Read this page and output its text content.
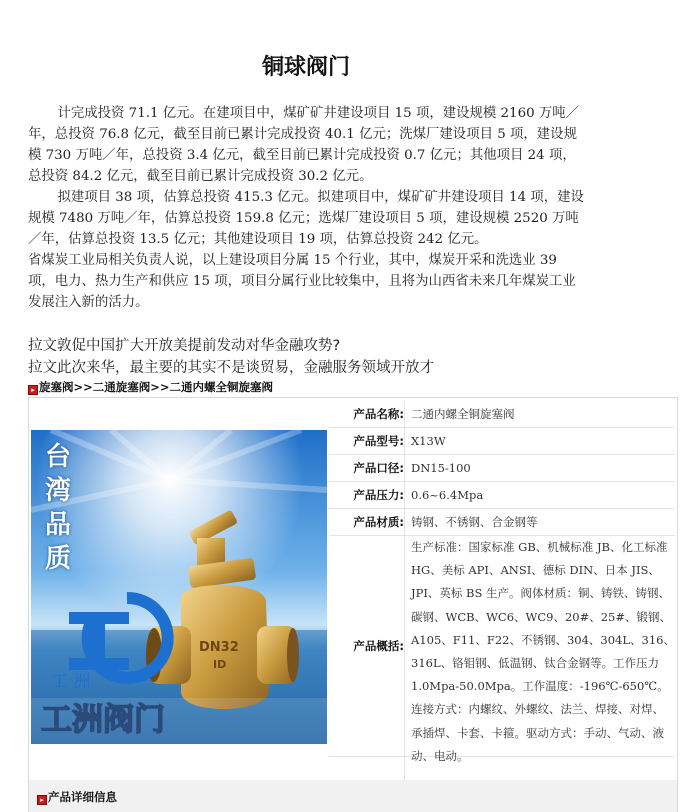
铜球阀门

计完成投资 71.1 亿元。在建项目中，煤矿矿井建设项目 15 项，建设规模 2160 万吨／年，总投资 76.8 亿元，截至目前已累计完成投资 40.1 亿元；洗煤厂建设项目 5 项，建设规模 730 万吨／年，总投资 3.4 亿元，截至目前已累计完成投资 0.7 亿元；其他项目 24 项，总投资 84.2 亿元，截至目前已累计完成投资 30.2 亿元。

拟建项目 38 项，估算总投资 415.3 亿元。拟建项目中，煤矿矿井建设项目 14 项，建设规模 7480 万吨／年，估算总投资 159.8 亿元；选煤厂建设项目 5 项，建设规模 2520 万吨／年，估算总投资 13.5 亿元；其他建设项目 19 项，估算总投资 242 亿元。

省煤炭工业局相关负责人说，以上建设项目分属 15 个行业，其中，煤炭开采和洗选业 39 项，电力、热力生产和供应 15 项，项目分属行业比较集中，且将为山西省未来几年煤炭工业发展注入新的活力。

拉文敦促中国扩大开放美提前发动对华金融攻势?
拉文此次来华，最主要的其实不是谈贸易，金融服务领域开放才
▸ 旋塞阀>>二通旋塞阀>>二通内螺全铜旋塞阀
DN32
ID
工 洲
工洲阀门
台
湾
品
质
产品名称: 二通内螺全铜旋塞阀
产品型号: X13W
产品口径: DN15-100
产品压力: 0.6~6.4Mpa
产品材质: 铸钢、不锈钢、合金钢等
产品概括:
生产标准：国家标准 GB、机械标准 JB、化工标准 HG、美标 API、ANSI、德标 DIN、日本 JIS、JPI、英标 BS 生产。阀体材质：铜、铸铁、铸钢、碳钢、WCB、WC6、WC9、20#、25#、锻钢、A105、F11、F22、不锈钢、304、304L、316、316L、铬钼钢、低温钢、钛合金钢等。工作压力 1.0Mpa-50.0Mpa。工作温度：-196℃-650℃。连接方式：内螺纹、外螺纹、法兰、焊接、对焊、承插焊、卡套、卡箍。驱动方式：手动、气动、液动、电动。
▸ 产品详细信息
